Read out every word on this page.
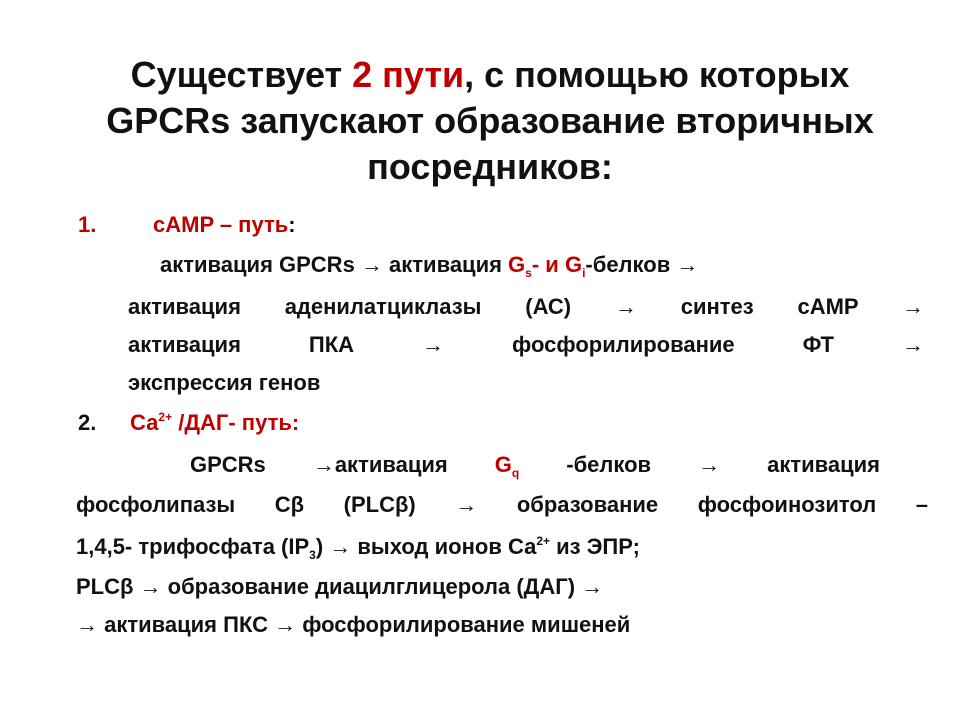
Существует 2 пути, с помощью которых
GPCRs запускают образование вторичных
посредников:
1.	cAMP – путь:
активация GPCRs → активация $G_s-$ и $G_i$-белков →
активация аденилатциклазы (АС) → синтез cAMP →
активация ПКА → фосфорилирование ФТ →
экспрессия генов
2. $Са^{2+}$ /ДАГ- путь:
GPCRs →активация $G_q$ -белков → активация
фосфолипазы Cβ (PLCβ) → образование фосфоинозитол –
1,4,5- трифосфата $(IP_3)$ → выход ионов $Са^{2+}$ из ЭПР;
PLCβ → образование диацилглицерола (ДАГ) →
→ активация ПКС → фосфорилирование мишеней
